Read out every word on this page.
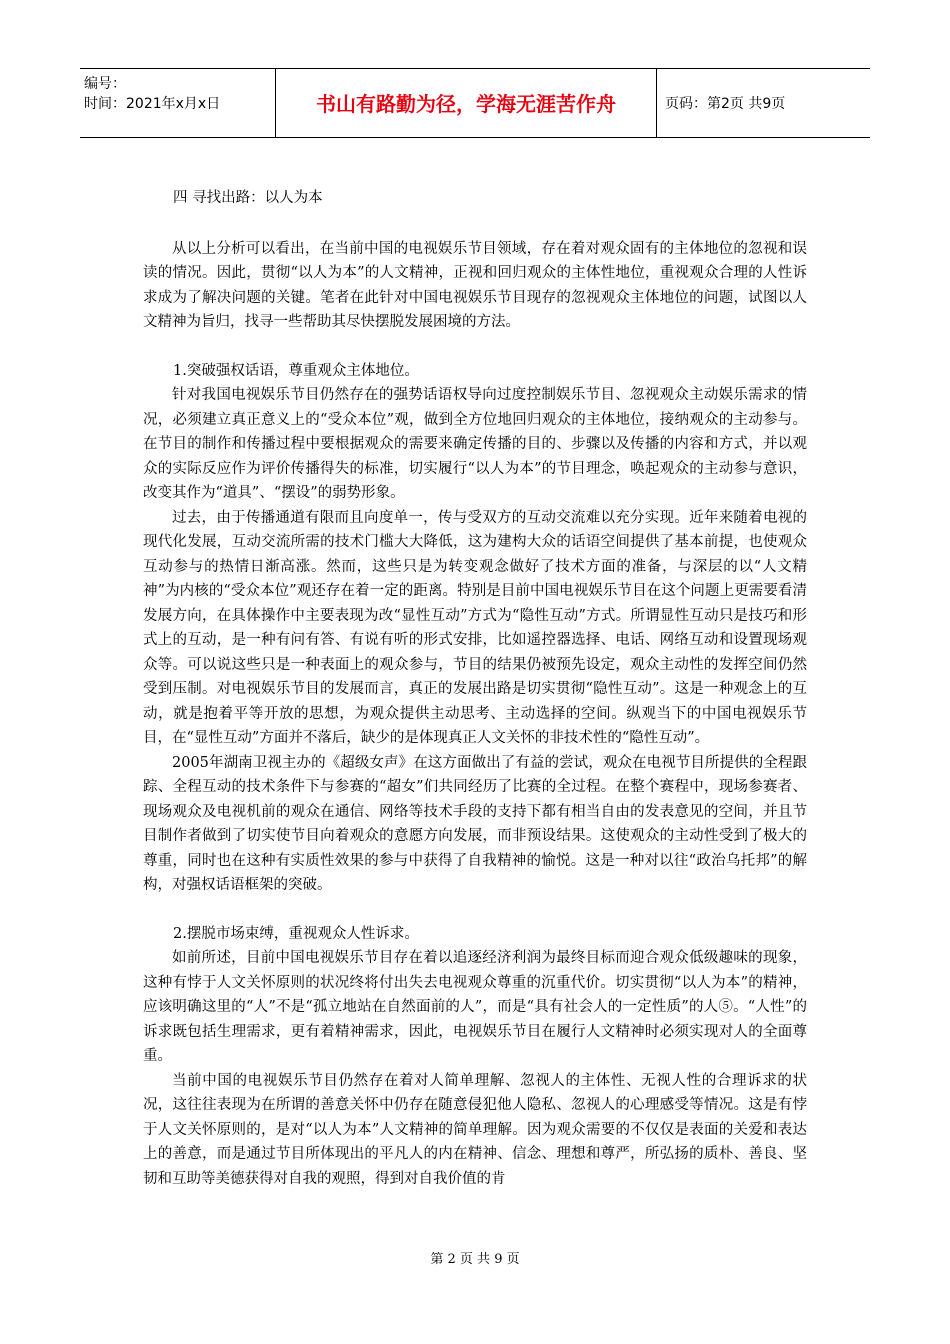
编号：
时间：2021年x月x日	书山有路勤为径，学海无涯苦作舟	页码：第2页 共9页

四 寻找出路：以人为本

从以上分析可以看出，在当前中国的电视娱乐节目领域，存在着对观众固有的主体地位的忽视和误读的情况。因此，贯彻“以人为本”的人文精神，正视和回归观众的主体性地位，重视观众合理的人性诉求成为了解决问题的关键。笔者在此针对中国电视娱乐节目现存的忽视观众主体地位的问题，试图以人文精神为旨归，找寻一些帮助其尽快摆脱发展困境的方法。

1.突破强权话语，尊重观众主体地位。

针对我国电视娱乐节目仍然存在的强势话语权导向过度控制娱乐节目、忽视观众主动娱乐需求的情况，必须建立真正意义上的“受众本位”观，做到全方位地回归观众的主体地位，接纳观众的主动参与。在节目的制作和传播过程中要根据观众的需要来确定传播的目的、步骤以及传播的内容和方式，并以观众的实际反应作为评价传播得失的标准，切实履行“以人为本”的节目理念，唤起观众的主动参与意识，改变其作为“道具”、“摆设”的弱势形象。

过去，由于传播通道有限而且向度单一，传与受双方的互动交流难以充分实现。近年来随着电视的现代化发展，互动交流所需的技术门槛大大降低，这为建构大众的话语空间提供了基本前提，也使观众互动参与的热情日渐高涨。然而，这些只是为转变观念做好了技术方面的准备，与深层的以“人文精神”为内核的“受众本位”观还存在着一定的距离。特别是目前中国电视娱乐节目在这个问题上更需要看清发展方向，在具体操作中主要表现为改“显性互动”方式为“隐性互动”方式。所谓显性互动只是技巧和形式上的互动，是一种有问有答、有说有听的形式安排，比如遥控器选择、电话、网络互动和设置现场观众等。可以说这些只是一种表面上的观众参与，节目的结果仍被预先设定，观众主动性的发挥空间仍然受到压制。对电视娱乐节目的发展而言，真正的发展出路是切实贯彻“隐性互动”。这是一种观念上的互动，就是抱着平等开放的思想，为观众提供主动思考、主动选择的空间。纵观当下的中国电视娱乐节目，在“显性互动”方面并不落后，缺少的是体现真正人文关怀的非技术性的“隐性互动”。

2005年湖南卫视主办的《超级女声》在这方面做出了有益的尝试，观众在电视节目所提供的全程跟踪、全程互动的技术条件下与参赛的“超女”们共同经历了比赛的全过程。在整个赛程中，现场参赛者、现场观众及电视机前的观众在通信、网络等技术手段的支持下都有相当自由的发表意见的空间，并且节目制作者做到了切实使节目向着观众的意愿方向发展，而非预设结果。这使观众的主动性受到了极大的尊重，同时也在这种有实质性效果的参与中获得了自我精神的愉悦。这是一种对以往“政治乌托邦”的解构，对强权话语框架的突破。

2.摆脱市场束缚，重视观众人性诉求。

如前所述，目前中国电视娱乐节目存在着以追逐经济利润为最终目标而迎合观众低级趣味的现象，这种有悖于人文关怀原则的状况终将付出失去电视观众尊重的沉重代价。切实贯彻“以人为本”的精神，应该明确这里的“人”不是“孤立地站在自然面前的人”，而是“具有社会人的一定性质”的人⑤。“人性”的诉求既包括生理需求，更有着精神需求，因此，电视娱乐节目在履行人文精神时必须实现对人的全面尊重。

当前中国的电视娱乐节目仍然存在着对人简单理解、忽视人的主体性、无视人性的合理诉求的状况，这往往表现为在所谓的善意关怀中仍存在随意侵犯他人隐私、忽视人的心理感受等情况。这是有悖于人文关怀原则的，是对“以人为本”人文精神的简单理解。因为观众需要的不仅仅是表面的关爱和表达上的善意，而是通过节目所体现出的平凡人的内在精神、信念、理想和尊严，所弘扬的质朴、善良、坚韧和互助等美德获得对自我的观照，得到对自我价值的肯

第 2 页 共 9 页
